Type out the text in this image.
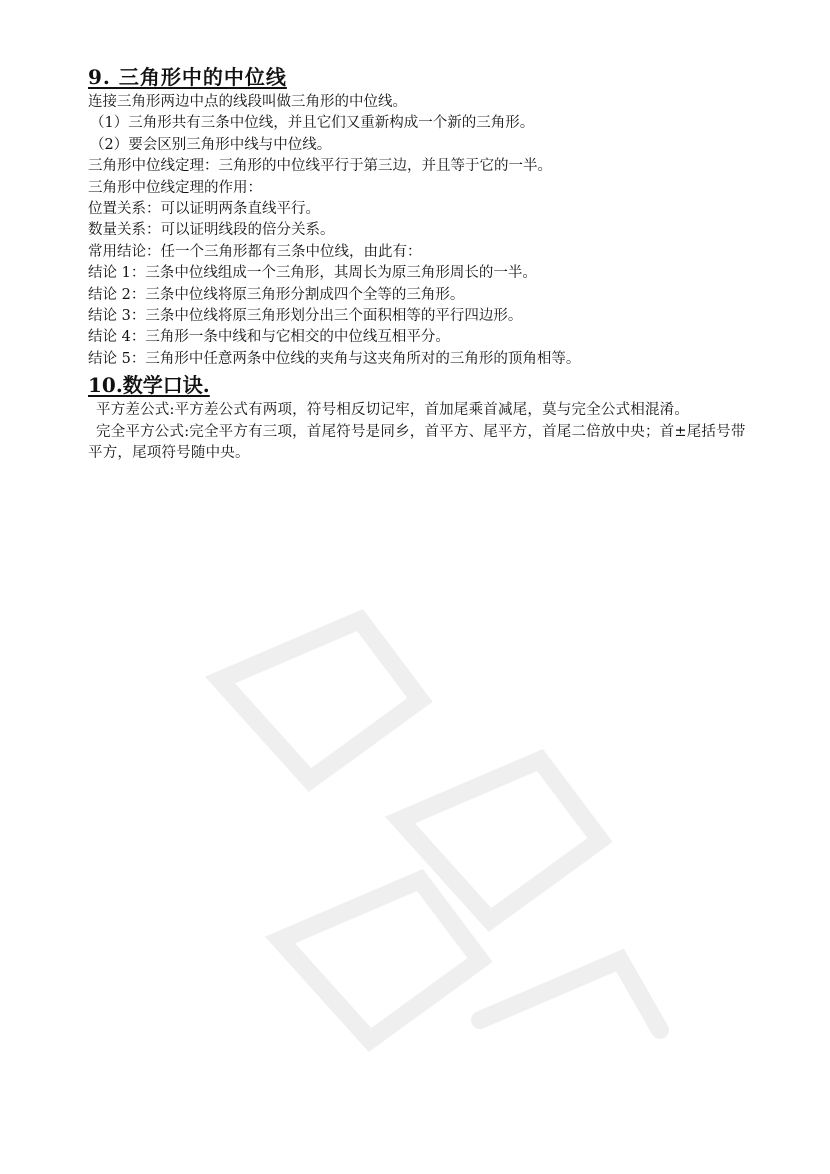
9. 三角形中的中位线

连接三角形两边中点的线段叫做三角形的中位线。

（1）三角形共有三条中位线，并且它们又重新构成一个新的三角形。

（2）要会区别三角形中线与中位线。

三角形中位线定理：三角形的中位线平行于第三边，并且等于它的一半。

三角形中位线定理的作用：

位置关系：可以证明两条直线平行。

数量关系：可以证明线段的倍分关系。

常用结论：任一个三角形都有三条中位线，由此有：

结论 1：三条中位线组成一个三角形，其周长为原三角形周长的一半。

结论 2：三条中位线将原三角形分割成四个全等的三角形。

结论 3：三条中位线将原三角形划分出三个面积相等的平行四边形。

结论 4：三角形一条中线和与它相交的中位线互相平分。

结论 5：三角形中任意两条中位线的夹角与这夹角所对的三角形的顶角相等。

10.数学口诀.

平方差公式:平方差公式有两项，符号相反切记牢，首加尾乘首减尾，莫与完全公式相混淆。

完全平方公式:完全平方有三项，首尾符号是同乡，首平方、尾平方，首尾二倍放中央；首±尾括号带平方，尾项符号随中央。
